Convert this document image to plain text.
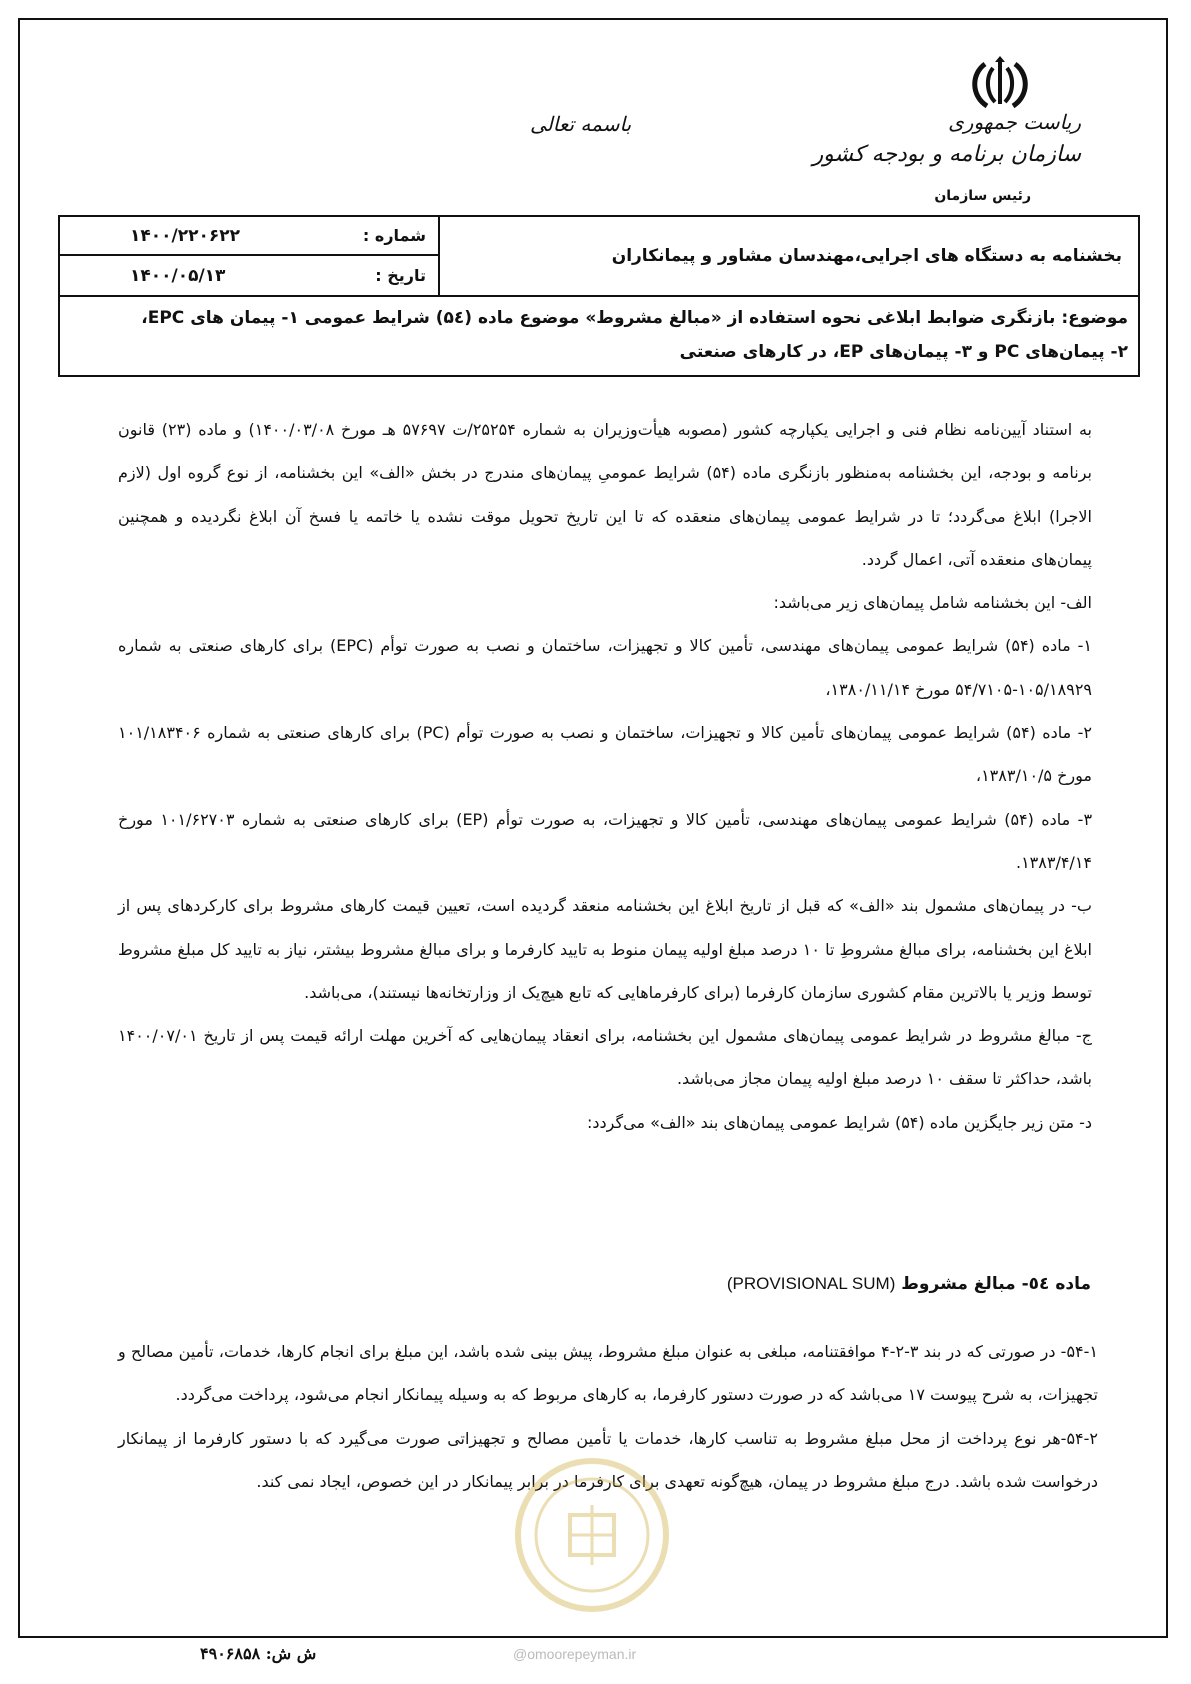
ریاست جمهوری
سازمان برنامه و بودجه کشور
رئیس سازمان
باسمه تعالی
بخشنامه به دستگاه های اجرایی،مهندسان مشاور و پیمانکاران
شماره :
۱۴۰۰/۲۲۰۶۲۲
تاریخ :
۱۴۰۰/۰۵/۱۳
موضوع: بازنگری ضوابط ابلاغی نحوه استفاده از «مبالغ مشروط» موضوع ماده (۵٤) شرایط عمومی ۱- پیمان های EPC،
۲- پیمان‌های PC و ۳- پیمان‌های EP، در کارهای صنعتی

به استناد آیین‌نامه نظام فنی و اجرایی یکپارچه کشور (مصوبه هیأت‌وزیران به شماره ۲۵۲۵۴/ت ۵۷۶۹۷ هـ مورخ ۱۴۰۰/۰۳/۰۸) و ماده (۲۳) قانون برنامه و بودجه، این بخشنامه به‌منظور بازنگری ماده (۵۴) شرایط عمومیِ پیمان‌های مندرج در بخش «الف» این بخشنامه، از نوع گروه اول (لازم الاجرا) ابلاغ می‌گردد؛ تا در شرایط عمومی پیمان‌های منعقده که تا این تاریخ تحویل موقت نشده یا خاتمه یا فسخ آن ابلاغ نگردیده و همچنین پیمان‌های منعقده آتی، اعمال گردد.

الف- این بخشنامه شامل پیمان‌های زیر می‌باشد:

۱- ماده (۵۴) شرایط عمومی پیمان‌های مهندسی، تأمین کالا و تجهیزات، ساختمان و نصب به صورت توأم (EPC) برای کارهای صنعتی به شماره ۱۰۵/۱۸۹۲۹-۵۴/۷۱۰۵ مورخ ۱۳۸۰/۱۱/۱۴،

۲- ماده (۵۴) شرایط عمومی پیمان‌های تأمین کالا و تجهیزات، ساختمان و نصب به صورت توأم (PC) برای کارهای صنعتی به شماره ۱۰۱/۱۸۳۴۰۶ مورخ ۱۳۸۳/۱۰/۵،

۳- ماده (۵۴) شرایط عمومی پیمان‌های مهندسی، تأمین کالا و تجهیزات، به صورت توأم (EP) برای کارهای صنعتی به شماره ۱۰۱/۶۲۷۰۳ مورخ ۱۳۸۳/۴/۱۴.

ب- در پیمان‌های مشمول بند «الف» که قبل از تاریخ ابلاغ این بخشنامه منعقد گردیده است، تعیین قیمت کارهای مشروط برای کارکردهای پس از ابلاغ این بخشنامه، برای مبالغ مشروطِ تا ۱۰ درصد مبلغ اولیه پیمان منوط به تایید کارفرما و برای مبالغ مشروط بیشتر، نیاز به تایید کل مبلغ مشروط توسط وزیر یا بالاترین مقام کشوری سازمان کارفرما (برای کارفرماهایی که تابع هیچ‌یک از وزارتخانه‌ها نیستند)، می‌باشد.

ج- مبالغ مشروط در شرایط عمومی پیمان‌های مشمول این بخشنامه، برای انعقاد پیمان‌هایی که آخرین مهلت ارائه قیمت پس از تاریخ ۱۴۰۰/۰۷/۰۱ باشد، حداکثر تا سقف ۱۰ درصد مبلغ اولیه پیمان مجاز می‌باشد.

د- متن زیر جایگزین ماده (۵۴) شرایط عمومی پیمان‌های بند «الف» می‌گردد:

ماده ٥٤- مبالغ مشروط (PROVISIONAL SUM)

۵۴-۱- در صورتی که در بند ۳-۲-۴ موافقتنامه، مبلغی به عنوان مبلغ مشروط، پیش بینی شده باشد، این مبلغ برای انجام کارها، خدمات، تأمین مصالح و تجهیزات، به شرح پیوست ۱۷ می‌باشد که در صورت دستور کارفرما، به کارهای مربوط که به وسیله پیمانکار انجام می‌شود، پرداخت می‌گردد.

۵۴-۲-هر نوع پرداخت از محل مبلغ مشروط به تناسب کارها، خدمات یا تأمین مصالح و تجهیزاتی صورت می‌گیرد که با دستور کارفرما از پیمانکار درخواست شده باشد. درج مبلغ مشروط در پیمان، هیچ‌گونه تعهدی برای کارفرما در برابر پیمانکار در این خصوص، ایجاد نمی کند.

ش ش: ۴۹۰۶۸۵۸	@omoorepeyman.ir
